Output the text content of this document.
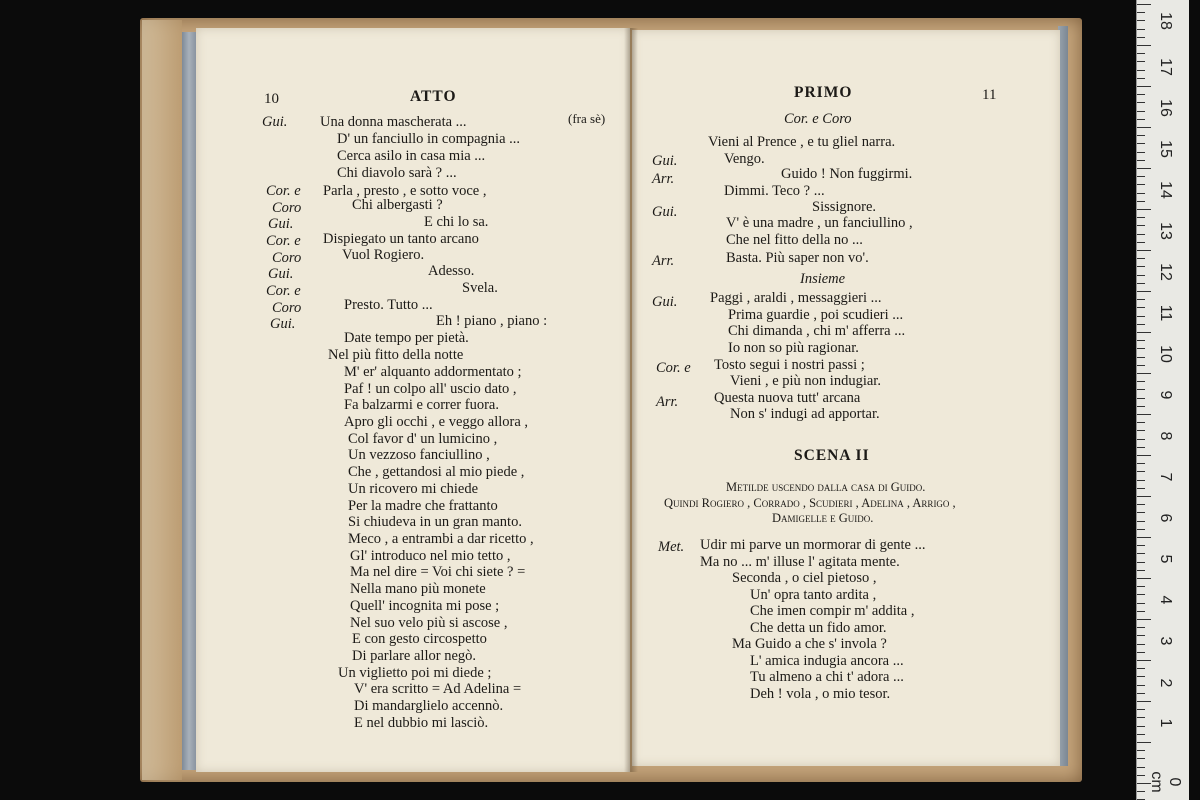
0 cm
1
2
3
4
5
6
7
8
9
10
11
12
13
14
15
16
17
18
10	ATTO
Gui. Una donna mascherata ...	(fra sè)
D' un fanciullo in compagnia ...
Cerca asilo in casa mia ...
Chi diavolo sarà ? ...
Cor. e Parla , presto , e sotto voce ,
Coro	Chi albergasti ?
Gui.	E chi lo sa.
Cor. e Dispiegato un tanto arcano
Coro	Vuol Rogiero.
Gui.	Adesso.
Cor. e	Svela.
Coro	Presto. Tutto ...
Gui.	Eh ! piano , piano :
Date tempo per pietà.
Nel più fitto della notte
M' er' alquanto addormentato ;
Paf ! un colpo all' uscio dato ,
Fa balzarmi e correr fuora.
Apro gli occhi , e veggo allora ,
Col favor d' un lumicino ,
Un vezzoso fanciullino ,
Che , gettandosi al mio piede ,
Un ricovero mi chiede
Per la madre che frattanto
Si chiudeva in un gran manto.
Meco , a entrambi a dar ricetto ,
Gl' introduco nel mio tetto ,
Ma nel dire = Voi chi siete ? =
Nella mano più monete
Quell' incognita mi pose ;
Nel suo velo più si ascose ,
E con gesto circospetto
Di parlare allor negò.
Un viglietto poi mi diede ;
V' era scritto = Ad Adelina =
Di mandarglielo accennò.
E nel dubbio mi lasciò.
PRIMO	11
Cor. e Coro
Vieni al Prence , e tu gliel narra.
Gui.	Vengo.
Arr.	Guido ! Non fuggirmi.
Dimmi. Teco ? ...
Gui.	Sissignore.
V' è una madre , un fanciullino ,
Che nel fitto della no ...
Arr.	Basta. Più saper non vo'.
Insieme
Gui. Paggi , araldi , messaggieri ...
Prima guardie , poi scudieri ...
Chi dimanda , chi m' afferra ...
Io non so più ragionar.
Cor. e Tosto segui i nostri passi ;
Vieni , e più non indugiar.
Arr. Questa nuova tutt' arcana
Non s' indugi ad apportar.
SCENA II
Metilde uscendo dalla casa di Guido.
Quindi Rogiero , Corrado , Scudieri , Adelina , Arrigo ,
Damigelle e Guido.
Met. Udir mi parve un mormorar di gente ...
Ma no ... m' illuse l' agitata mente.
Seconda , o ciel pietoso ,
Un' opra tanto ardita ,
Che imen compir m' addita ,
Che detta un fido amor.
Ma Guido a che s' invola ?
L' amica indugia ancora ...
Tu almeno a chi t' adora ...
Deh ! vola , o mio tesor.
